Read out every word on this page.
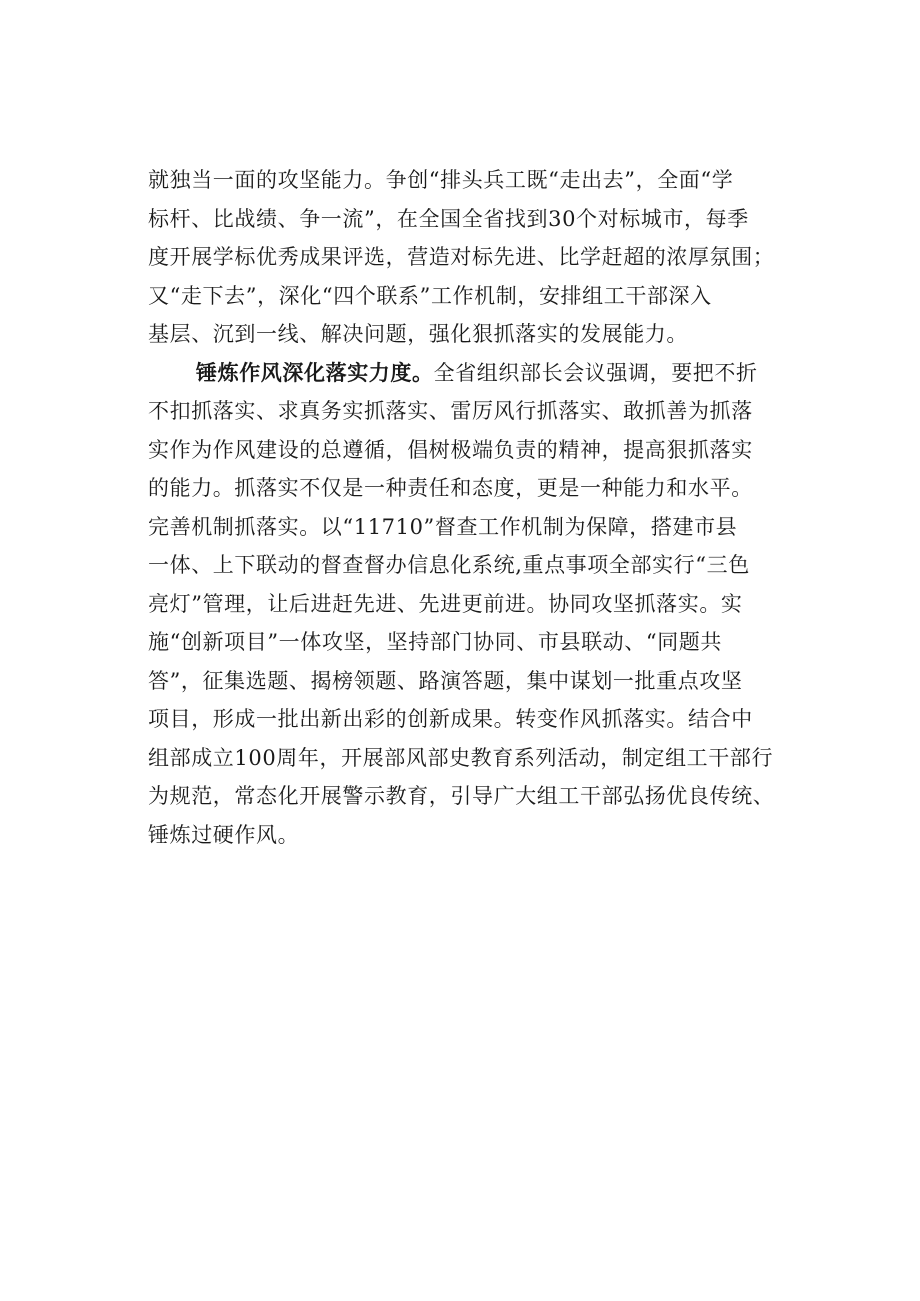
就独当一面的攻坚能力。争创“排头兵工既“走出去”，全面“学
标杆、比战绩、争一流”，在全国全省找到30个对标城市，每季
度开展学标优秀成果评选，营造对标先进、比学赶超的浓厚氛围；
又“走下去”，深化“四个联系”工作机制，安排组工干部深入
基层、沉到一线、解决问题，强化狠抓落实的发展能力。
锤炼作风深化落实力度。全省组织部长会议强调，要把不折
不扣抓落实、求真务实抓落实、雷厉风行抓落实、敢抓善为抓落
实作为作风建设的总遵循，倡树极端负责的精神，提高狠抓落实
的能力。抓落实不仅是一种责任和态度，更是一种能力和水平。
完善机制抓落实。以“11710”督查工作机制为保障，搭建市县
一体、上下联动的督查督办信息化系统,重点事项全部实行“三色
亮灯”管理，让后进赶先进、先进更前进。协同攻坚抓落实。实
施“创新项目”一体攻坚，坚持部门协同、市县联动、“同题共
答”，征集选题、揭榜领题、路演答题，集中谋划一批重点攻坚
项目，形成一批出新出彩的创新成果。转变作风抓落实。结合中
组部成立100周年，开展部风部史教育系列活动，制定组工干部行
为规范，常态化开展警示教育，引导广大组工干部弘扬优良传统、
锤炼过硬作风。
